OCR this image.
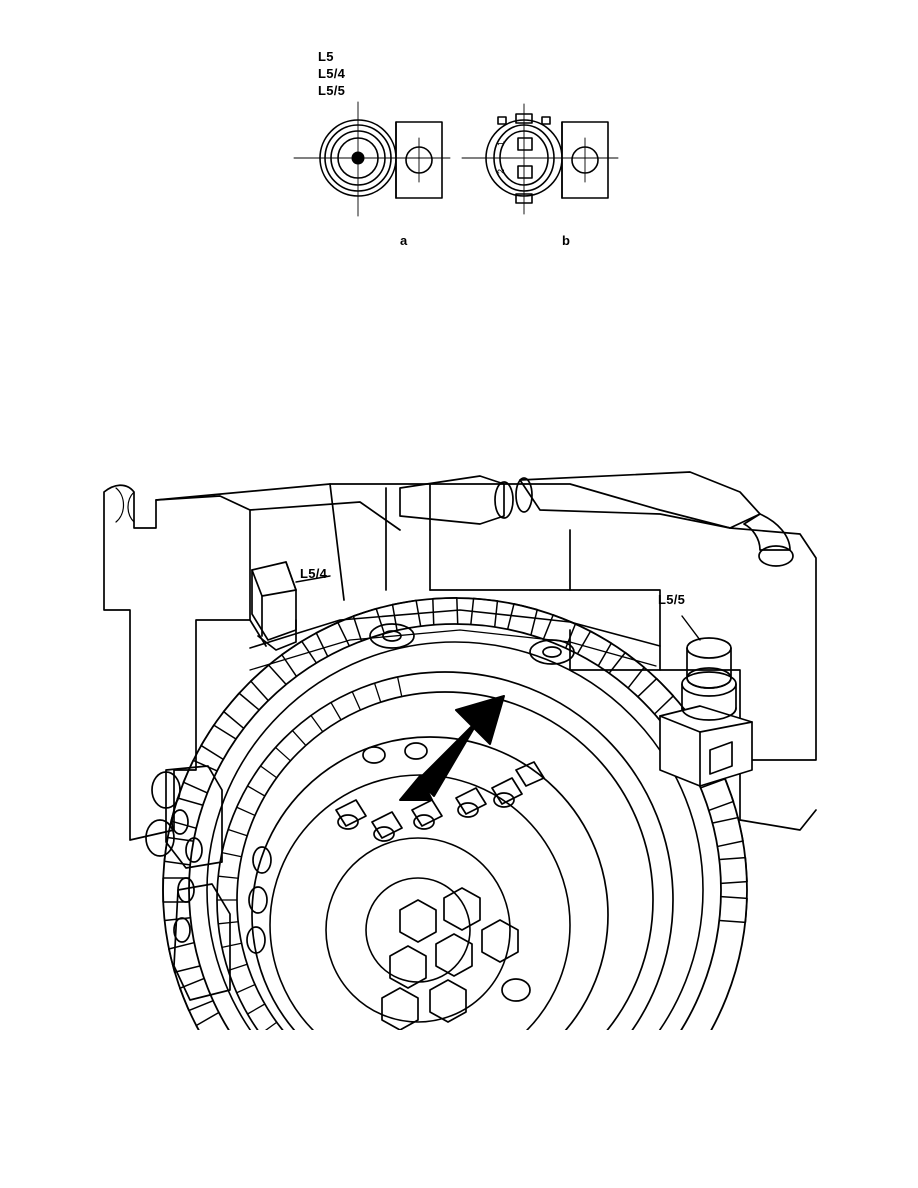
L5
L5/4
L5/5
1
2
a	b
L5/4
L5/5
